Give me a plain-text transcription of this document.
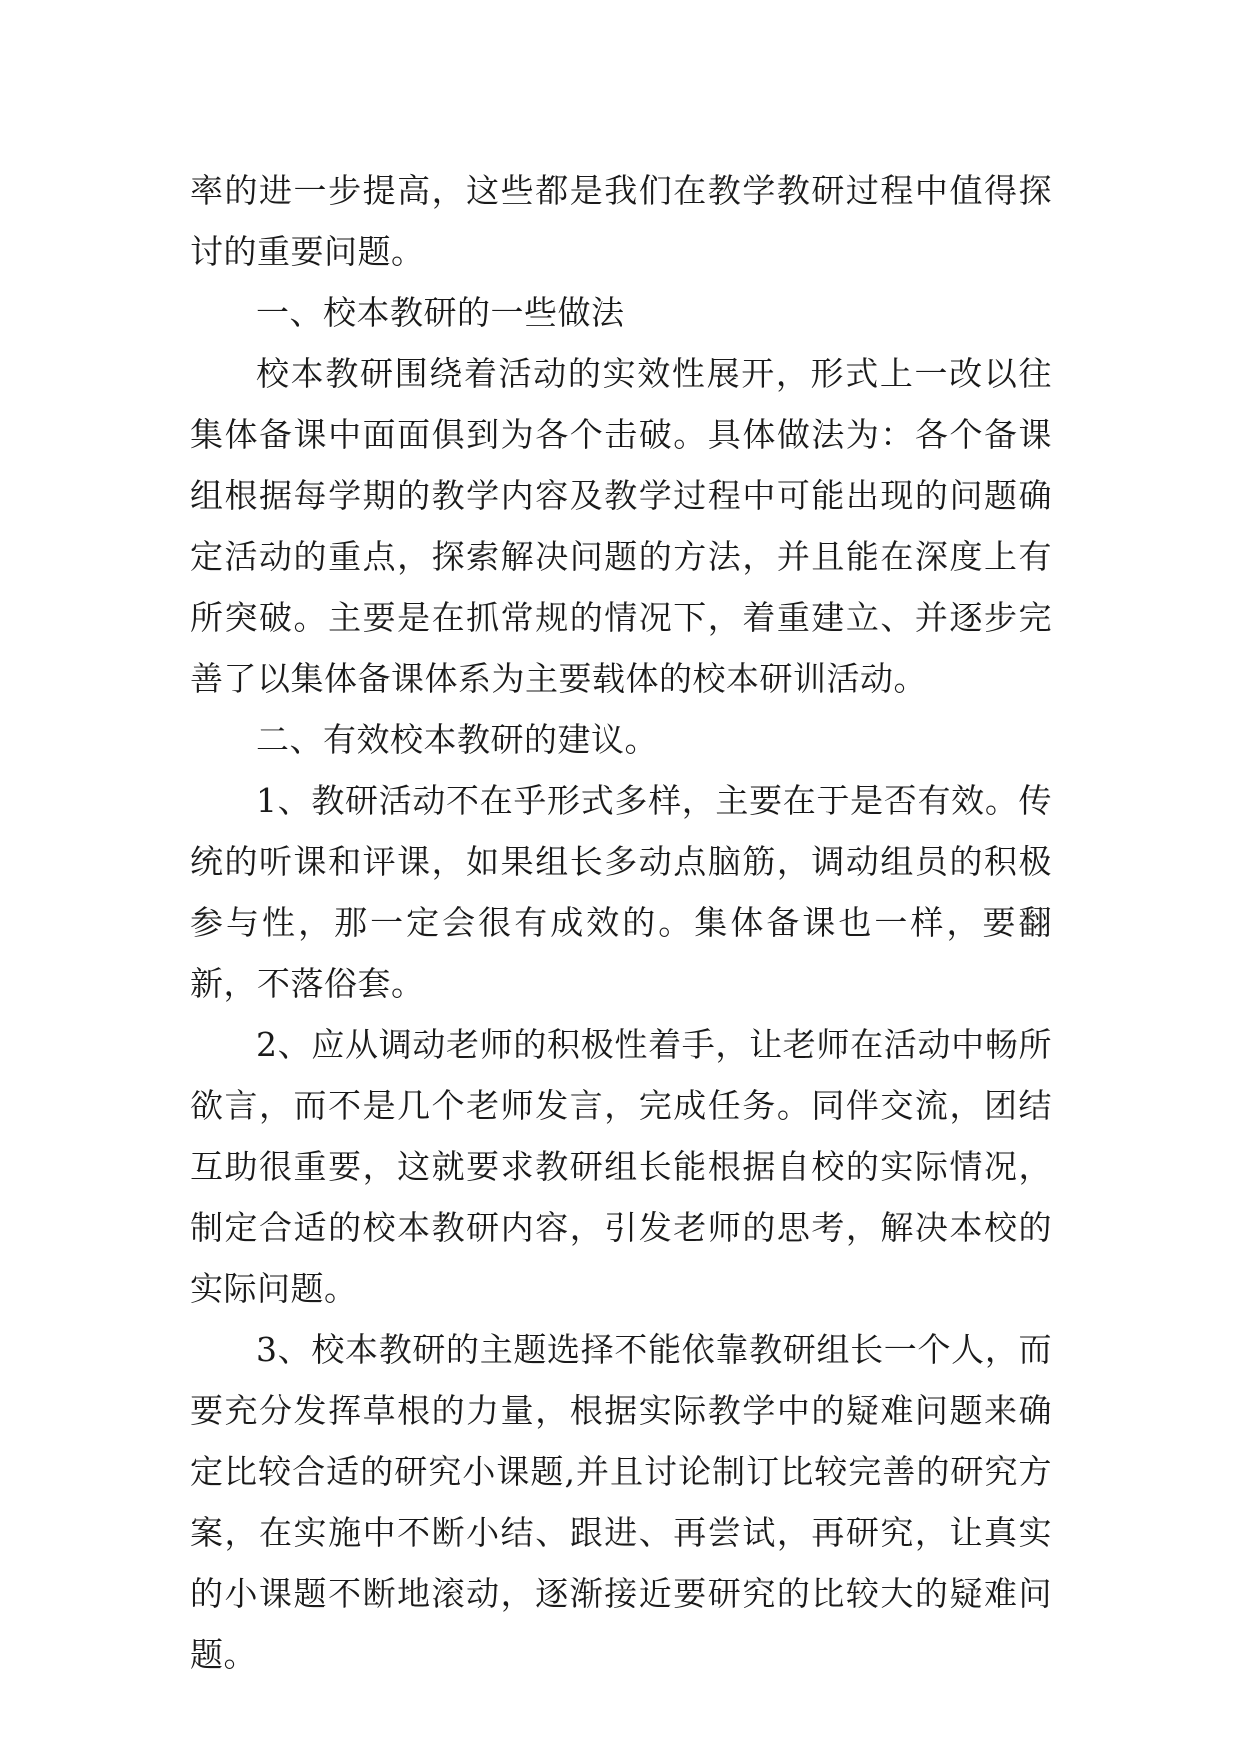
率的进一步提高，这些都是我们在教学教研过程中值得探讨的重要问题。

一、校本教研的一些做法

校本教研围绕着活动的实效性展开，形式上一改以往集体备课中面面俱到为各个击破。具体做法为：各个备课组根据每学期的教学内容及教学过程中可能出现的问题确定活动的重点，探索解决问题的方法，并且能在深度上有所突破。主要是在抓常规的情况下，着重建立、并逐步完善了以集体备课体系为主要载体的校本研训活动。

二、有效校本教研的建议。

1、教研活动不在乎形式多样，主要在于是否有效。传统的听课和评课，如果组长多动点脑筋，调动组员的积极参与性，那一定会很有成效的。集体备课也一样，要翻新，不落俗套。

2、应从调动老师的积极性着手，让老师在活动中畅所欲言，而不是几个老师发言，完成任务。同伴交流，团结互助很重要，这就要求教研组长能根据自校的实际情况，制定合适的校本教研内容，引发老师的思考，解决本校的实际问题。

3、校本教研的主题选择不能依靠教研组长一个人，而要充分发挥草根的力量，根据实际教学中的疑难问题来确定比较合适的研究小课题,并且讨论制订比较完善的研究方案，在实施中不断小结、跟进、再尝试，再研究，让真实的小课题不断地滚动，逐渐接近要研究的比较大的疑难问题。
